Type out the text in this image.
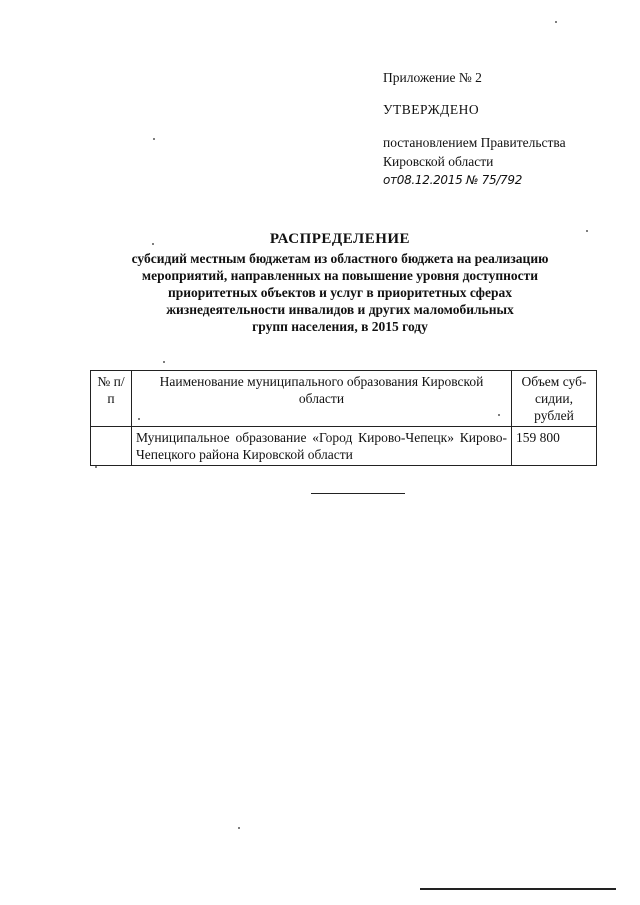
Приложение № 2
УТВЕРЖДЕНО
постановлением Правительства
Кировской области
от08.12.2015 № 75/792
РАСПРЕДЕЛЕНИЕ
субсидий местным бюджетам из областного бюджета на реализацию
мероприятий, направленных на повышение уровня доступности
приоритетных объектов и услуг в приоритетных сферах
жизнедеятельности инвалидов и других маломобильных
групп населения, в 2015 году
№ п/п	Наименование муниципального образования Кировской области	Объем суб-сидии, рублей
	Муниципальное образование «Город Кирово-Чепецк» Кирово-Чепецкого района Кировской области	159 800
